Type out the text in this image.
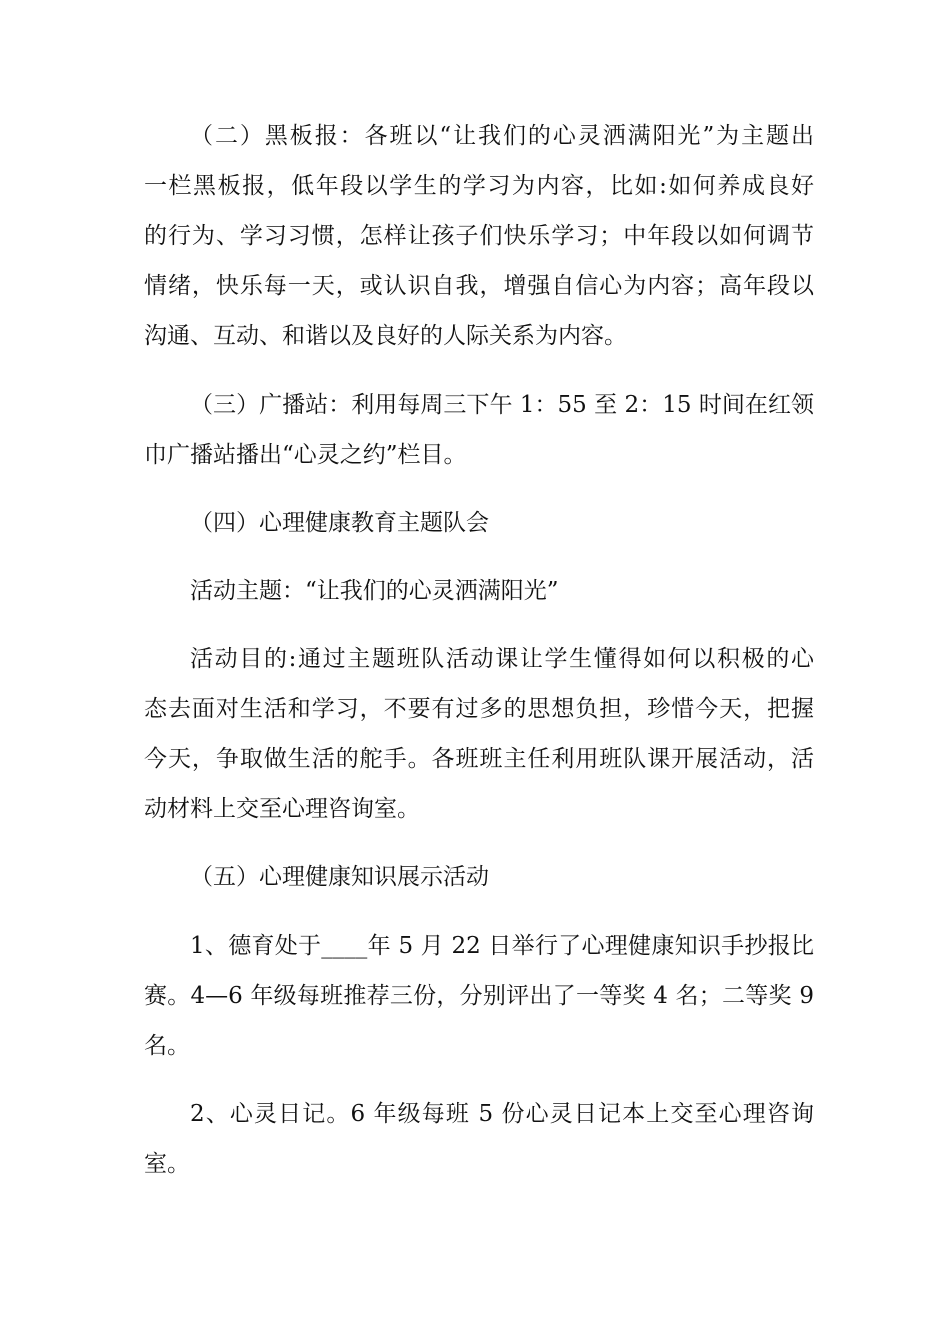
（二）黑板报：各班以“让我们的心灵洒满阳光”为主题出
一栏黑板报，低年段以学生的学习为内容，比如:如何养成良好
的行为、学习习惯，怎样让孩子们快乐学习；中年段以如何调节
情绪，快乐每一天，或认识自我，增强自信心为内容；高年段以
沟通、互动、和谐以及良好的人际关系为内容。
（三）广播站：利用每周三下午 1：55 至 2：15 时间在红领
巾广播站播出“心灵之约”栏目。
（四）心理健康教育主题队会
活动主题：“让我们的心灵洒满阳光”
活动目的:通过主题班队活动课让学生懂得如何以积极的心
态去面对生活和学习，不要有过多的思想负担，珍惜今天，把握
今天，争取做生活的舵手。各班班主任利用班队课开展活动，活
动材料上交至心理咨询室。
（五）心理健康知识展示活动
1、德育处于____年 5 月 22 日举行了心理健康知识手抄报比
赛。4—6 年级每班推荐三份，分别评出了一等奖 4 名；二等奖 9
名。
2、心灵日记。6 年级每班 5 份心灵日记本上交至心理咨询
室。
